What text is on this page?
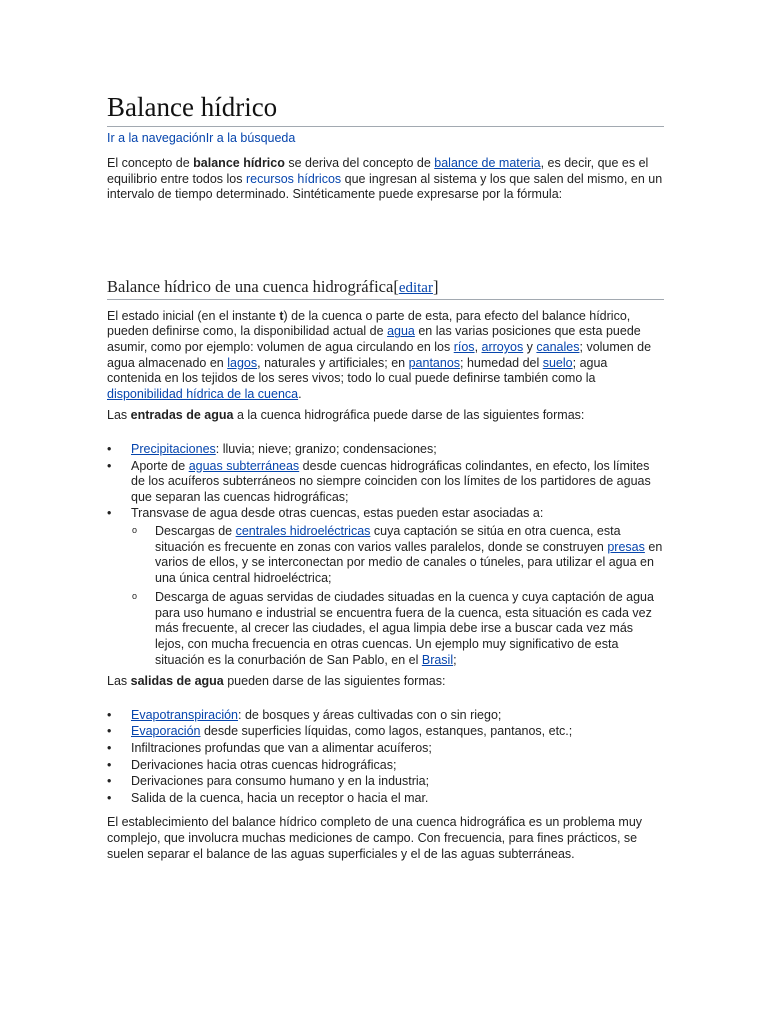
Balance hídrico
Ir a la navegaciónIr a la búsqueda

El concepto de balance hídrico se deriva del concepto de balance de materia, es decir, que es el equilibrio entre todos los recursos hídricos que ingresan al sistema y los que salen del mismo, en un intervalo de tiempo determinado. Sintéticamente puede expresarse por la fórmula:

Balance hídrico de una cuenca hidrográfica[editar]

El estado inicial (en el instante t) de la cuenca o parte de esta, para efecto del balance hídrico, pueden definirse como, la disponibilidad actual de agua en las varias posiciones que esta puede asumir, como por ejemplo: volumen de agua circulando en los ríos, arroyos y canales; volumen de agua almacenado en lagos, naturales y artificiales; en pantanos; humedad del suelo; agua contenida en los tejidos de los seres vivos; todo lo cual puede definirse también como la disponibilidad hídrica de la cuenca.

Las entradas de agua a la cuenca hidrográfica puede darse de las siguientes formas:

• Precipitaciones: lluvia; nieve; granizo; condensaciones;
• Aporte de aguas subterráneas desde cuencas hidrográficas colindantes, en efecto, los límites de los acuíferos subterráneos no siempre coinciden con los límites de los partidores de aguas que separan las cuencas hidrográficas;
• Transvase de agua desde otras cuencas, estas pueden estar asociadas a:
o Descargas de centrales hidroeléctricas cuya captación se sitúa en otra cuenca, esta situación es frecuente en zonas con varios valles paralelos, donde se construyen presas en varios de ellos, y se interconectan por medio de canales o túneles, para utilizar el agua en una única central hidroeléctrica;
o Descarga de aguas servidas de ciudades situadas en la cuenca y cuya captación de agua para uso humano e industrial se encuentra fuera de la cuenca, esta situación es cada vez más frecuente, al crecer las ciudades, el agua limpia debe irse a buscar cada vez más lejos, con mucha frecuencia en otras cuencas. Un ejemplo muy significativo de esta situación es la conurbación de San Pablo, en el Brasil;

Las salidas de agua pueden darse de las siguientes formas:

• Evapotranspiración: de bosques y áreas cultivadas con o sin riego;
• Evaporación desde superficies líquidas, como lagos, estanques, pantanos, etc.;
• Infiltraciones profundas que van a alimentar acuíferos;
• Derivaciones hacia otras cuencas hidrográficas;
• Derivaciones para consumo humano y en la industria;
• Salida de la cuenca, hacia un receptor o hacia el mar.

El establecimiento del balance hídrico completo de una cuenca hidrográfica es un problema muy complejo, que involucra muchas mediciones de campo. Con frecuencia, para fines prácticos, se suelen separar el balance de las aguas superficiales y el de las aguas subterráneas.
